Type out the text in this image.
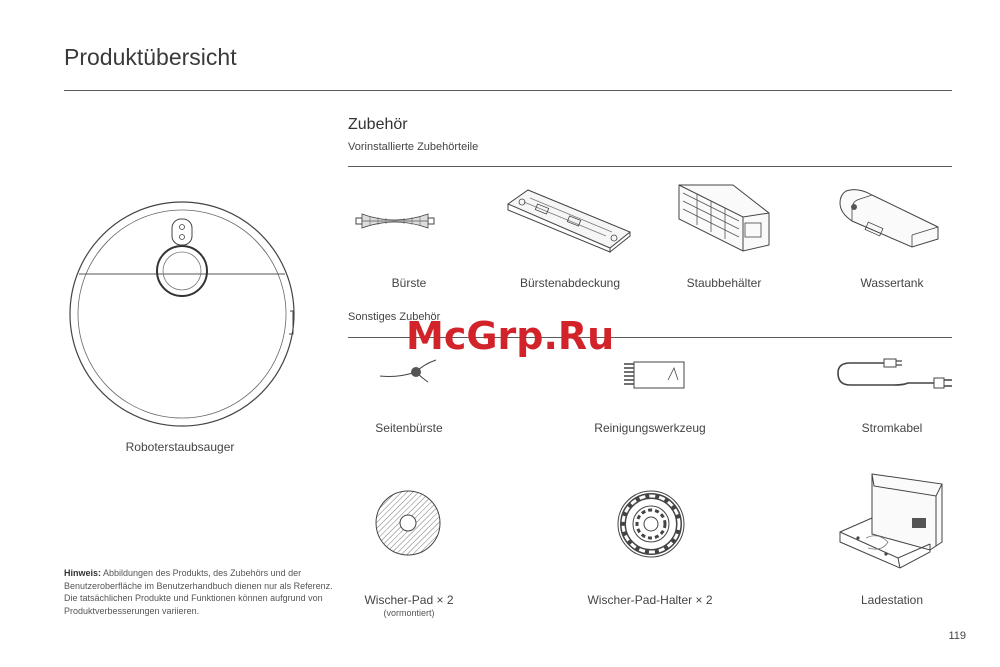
Produktübersicht
Roboterstaubsauger
Hinweis: Abbildungen des Produkts, des Zubehörs und der Benutzeroberfläche im Benutzerhandbuch dienen nur als Referenz. Die tatsächlichen Produkte und Funktionen können aufgrund von Produktverbesserungen variieren.
Zubehör
Vorinstallierte Zubehörteile
Bürste	Bürstenabdeckung	Staubbehälter	Wassertank
Sonstiges Zubehör
Seitenbürste	Reinigungswerkzeug	Stromkabel
Wischer-Pad × 2
(vormontiert)
Wischer-Pad-Halter × 2	Ladestation
McGrp.Ru
119
